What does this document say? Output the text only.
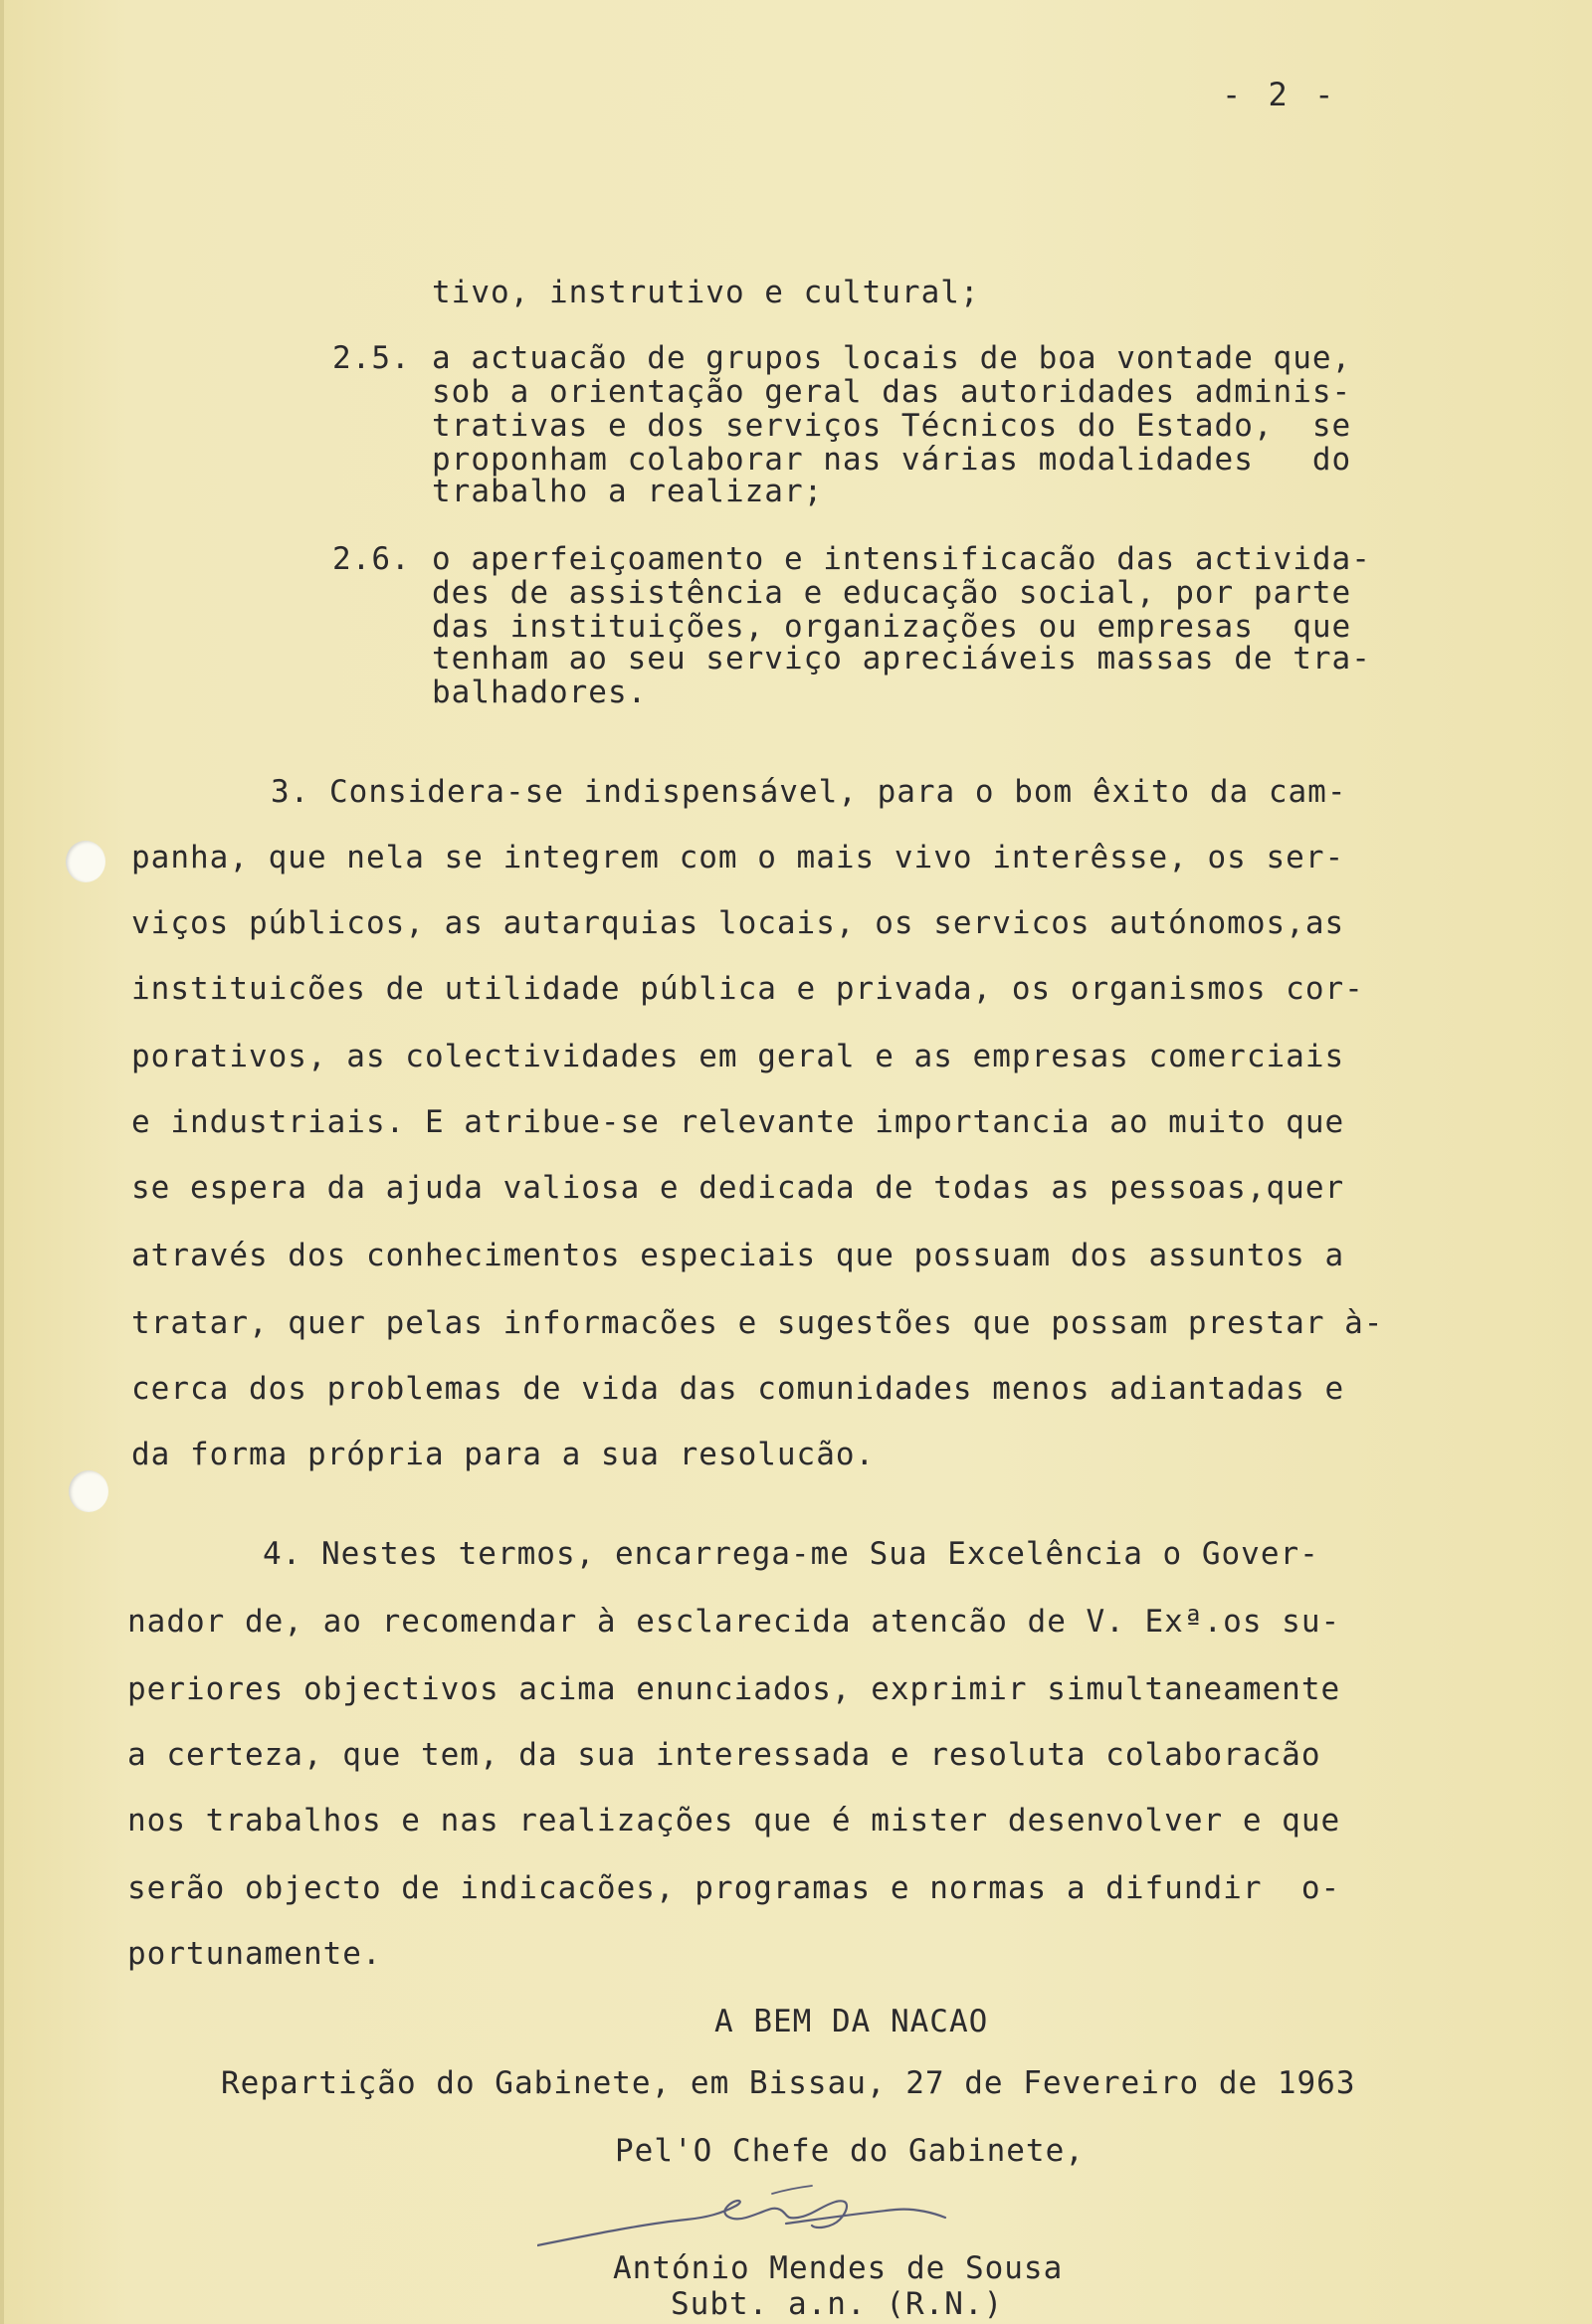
- 2 -
tivo, instrutivo e cultural;
2.5. a actuacão de grupos locais de boa vontade que,
sob a orientação geral das autoridades adminis-
trativas e dos serviços Técnicos do Estado,  se
proponham colaborar nas várias modalidades   do
trabalho a realizar;
2.6. o aperfeiçoamento e intensificacão das activida-
des de assistência e educação social, por parte
das instituições, organizações ou empresas  que
tenham ao seu serviço apreciáveis massas de tra-
balhadores.
3. Considera-se indispensável, para o bom êxito da cam-
panha, que nela se integrem com o mais vivo interêsse, os ser-
viços públicos, as autarquias locais, os servicos autónomos,as
instituicões de utilidade pública e privada, os organismos cor-
porativos, as colectividades em geral e as empresas comerciais
e industriais. E atribue-se relevante importancia ao muito que
se espera da ajuda valiosa e dedicada de todas as pessoas,quer
através dos conhecimentos especiais que possuam dos assuntos a
tratar, quer pelas informacões e sugestões que possam prestar à-
cerca dos problemas de vida das comunidades menos adiantadas e
da forma própria para a sua resolucão.
4. Nestes termos, encarrega-me Sua Excelência o Gover-
nador de, ao recomendar à esclarecida atencão de V. Exª.os su-
periores objectivos acima enunciados, exprimir simultaneamente
a certeza, que tem, da sua interessada e resoluta colaboracão
nos trabalhos e nas realizações que é mister desenvolver e que
serão objecto de indicacões, programas e normas a difundir  o-
portunamente.
A BEM DA NACAO
Repartição do Gabinete, em Bissau, 27 de Fevereiro de 1963
Pel'O Chefe do Gabinete,
António Mendes de Sousa
Subt. a.n. (R.N.)
